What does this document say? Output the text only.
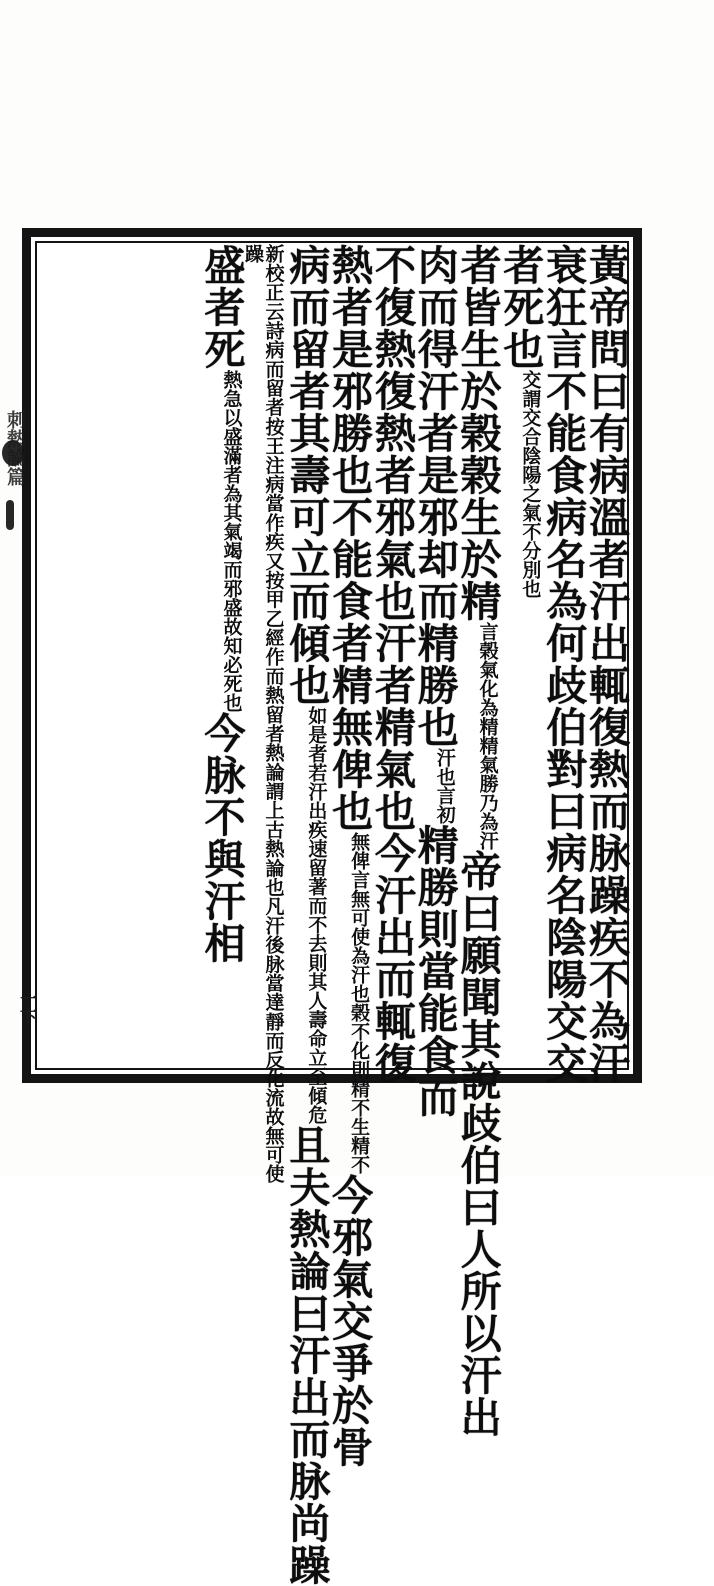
黃帝問曰有病溫者汗出輒復熱而脉躁疾不為汗
衰狂言不能食病名為何歧伯對曰病名陰陽交交
者死也交謂交合陰陽之氣不分別也
者皆生於榖榖生於精言榖氣化為精精氣勝乃為汗帝曰願聞其說歧伯曰人所以汗出
肉而得汗者是邪却而精勝也汗也言初精勝則當能食而
不復熱復熱者邪氣也汗者精氣也今汗出而輒復
熱者是邪勝也不能食者精無俾也無俾言無可使為汗也榖不化則精不生精不今邪氣交爭於骨
病而留者其壽可立而傾也如是者若汗出疾速留著而不去則其人壽命立至傾危且夫熱論曰汗出而脉尚躁
新校正云詩病而留者按王注病當作疾又按甲乙經作而熱留者熱論謂上古熱論也凡汗後脉當達靜而反躁化流故無可使
盛者死熱急以盛滿者為其氣竭而邪盛故知必死也今脉不與汗相
刺熱論篇
一卞
